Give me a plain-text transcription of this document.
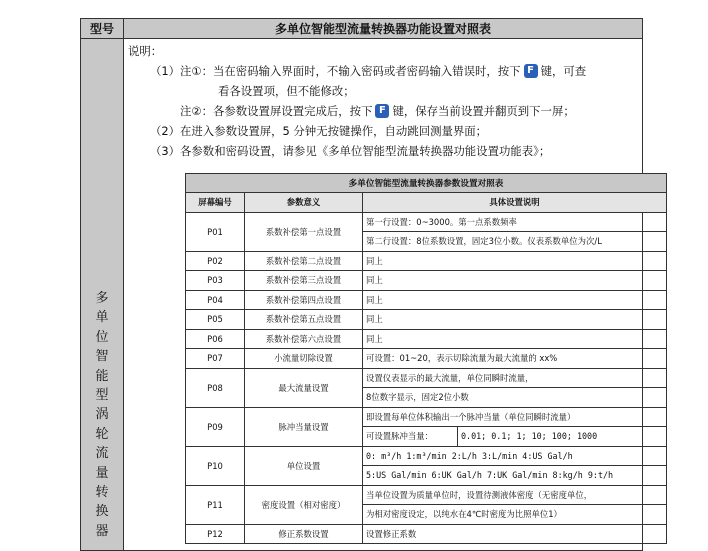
型号	多单位智能型流量转换器功能设置对照表
多
单
位
智
能
型
涡
轮
流
量
转
换
器
说明：
（1）注①：当在密码输入界面时，不输入密码或者密码输入错误时，按下 F 键，可查
看各设置项，但不能修改；
注②：各参数设置屏设置完成后，按下 F 键，保存当前设置并翻页到下一屏；
（2）在进入参数设置屏，5 分钟无按键操作，自动跳回测量界面；
（3）各参数和密码设置，请参见《多单位智能型流量转换器功能设置功能表》；
多单位智能型流量转换器参数设置对照表			
屏幕编号	参数意义	具体设置说明	
P01	系数补偿第一点设置	第一行设置：0~3000。第一点系数频率	
		第二行设置：8位系数设置，固定3位小数。仪表系数单位为次/L	
P02	系数补偿第二点设置	同上	
P03	系数补偿第三点设置	同上	
P04	系数补偿第四点设置	同上	
P05	系数补偿第五点设置	同上	
P06	系数补偿第六点设置	同上	
P07	小流量切除设置	可设置：01~20，表示切除流量为最大流量的 xx%	
P08	最大流量设置	设置仪表显示的最大流量，单位同瞬时流量，	
		8位数字显示，固定2位小数	
P09	脉冲当量设置	即设置每单位体积输出一个脉冲当量（单位同瞬时流量）	
		可设置脉冲当量：	0.01; 0.1; 1; 10; 100; 1000
P10	单位设置	0: m³/h 1:m³/min 2:L/h 3:L/min 4:US Gal/h	
		5:US Gal/min 6:UK Gal/h 7:UK Gal/min 8:kg/h 9:t/h	
P11	密度设置（相对密度）	当单位设置为质量单位时，设置待测液体密度（无密度单位，	
		为相对密度设定，以纯水在4℃时密度为比照单位1）	
P12	修正系数设置	设置修正系数	
